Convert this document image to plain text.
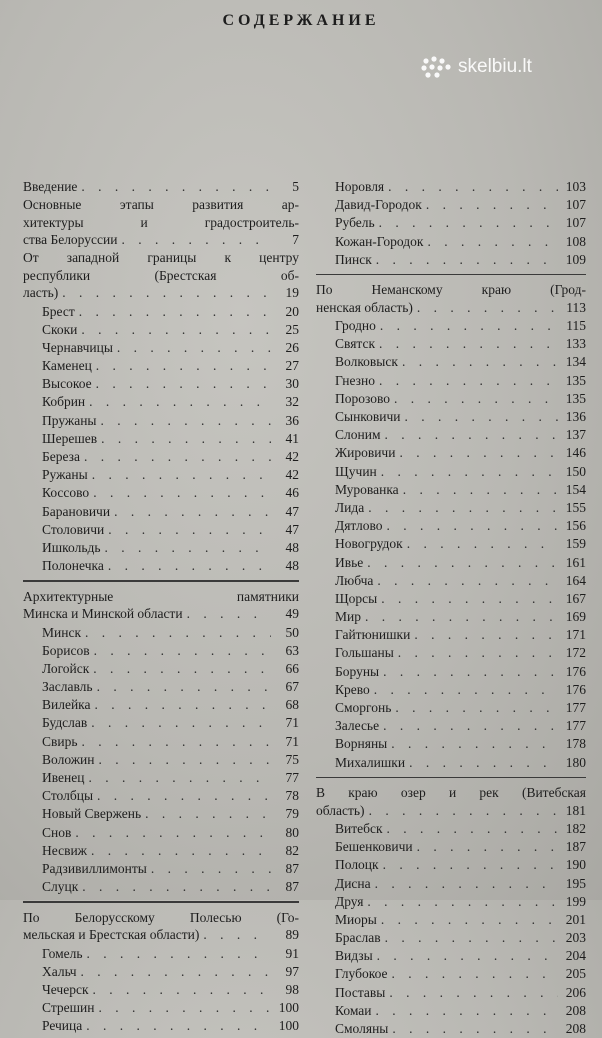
СОДЕРЖАНИЕ
skelbiu.lt
Введение . . .	5
Основные этапы развития ар-
хитектуры и градостроитель-
ства Белоруссии . . .	7
От западной границы к центру
республики (Брестская об-
ласть) . . .	19
Брест . . .	20
Скоки . . .	25
Чернавчицы . . .	26
Каменец . . .	27
Высокое . . .	30
Кобрин . . .	32
Пружаны . . .	36
Шерешев . . .	41
Береза . . .	42
Ружаны . . .	42
Коссово . . .	46
Барановичи . . .	47
Столовичи . . .	47
Ишкольдь . . .	48
Полонечка . . .	48
Архитектурные памятники
Минска и Минской области . . .	49
Минск . . .	50
Борисов . . .	63
Логойск . . .	66
Заславль . . .	67
Вилейка . . .	68
Будслав . . .	71
Свирь . . .	71
Воложин . . .	75
Ивенец . . .	77
Столбцы . . .	78
Новый Свержень . . .	79
Снов . . .	80
Несвиж . . .	82
Радзивиллимонты . . .	87
Слуцк . . .	87
По Белорусскому Полесью (Го-
мельская и Брестская области) . . .	89
Гомель . . .	91
Хальч . . .	97
Чечерск . . .	98
Стрешин . . .	100
Речица . . .	100
Норовля . . .	103
Давид-Городок . . .	107
Рубель . . .	107
Кожан-Городок . . .	108
Пинск . . .	109
По Неманскому краю (Грод-
ненская область) . . .	113
Гродно . . .	115
Святск . . .	133
Волковыск . . .	134
Гнезно . . .	135
Порозово . . .	135
Сынковичи . . .	136
Слоним . . .	137
Жировичи . . .	146
Щучин . . .	150
Мурованка . . .	154
Лида . . .	155
Дятлово . . .	156
Новогрудок . . .	159
Ивье . . .	161
Любча . . .	164
Щорсы . . .	167
Мир . . .	169
Гайтюнишки . . .	171
Гольшаны . . .	172
Боруны . . .	176
Крево . . .	176
Сморгонь . . .	177
Залесье . . .	177
Ворняны . . .	178
Михалишки . . .	180
В краю озер и рек (Витебская
область) . . .	181
Витебск . . .	182
Бешенковичи . . .	187
Полоцк . . .	190
Дисна . . .	195
Друя . . .	199
Миоры . . .	201
Браслав . . .	203
Видзы . . .	204
Глубокое . . .	205
Поставы . . .	206
Комаи . . .	208
Смоляны . . .	208
